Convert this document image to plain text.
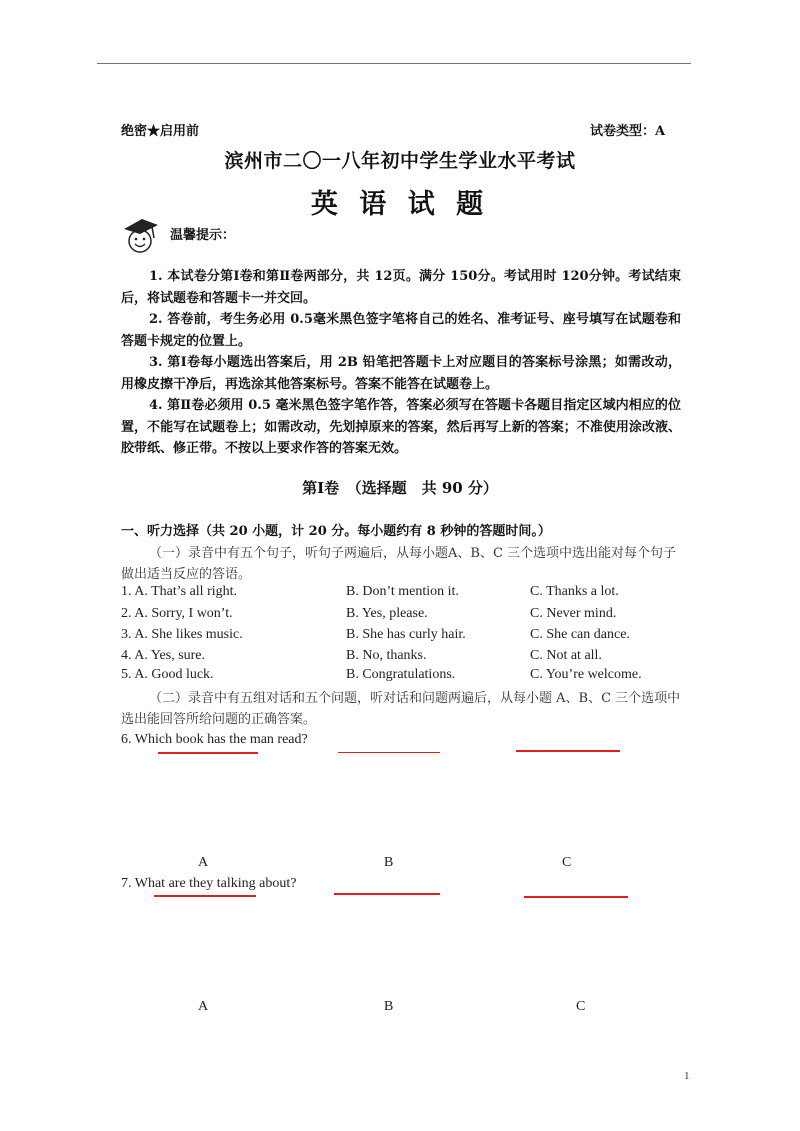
绝密★启用前	试卷类型：A
滨州市二〇一八年初中学生学业水平考试
英 语 试 题
温馨提示：

1. 本试卷分第Ⅰ卷和第Ⅱ卷两部分，共 12页。满分 150分。考试用时 120分钟。考试结束后，将试题卷和答题卡一并交回。

2. 答卷前，考生务必用 0.5毫米黑色签字笔将自己的姓名、准考证号、座号填写在试题卷和答题卡规定的位置上。

3. 第Ⅰ卷每小题选出答案后，用 2B 铅笔把答题卡上对应题目的答案标号涂黑；如需改动，用橡皮擦干净后，再选涂其他答案标号。答案不能答在试题卷上。

4. 第Ⅱ卷必须用 0.5 毫米黑色签字笔作答，答案必须写在答题卡各题目指定区域内相应的位置，不能写在试题卷上；如需改动，先划掉原来的答案，然后再写上新的答案；不准使用涂改液、胶带纸、修正带。不按以上要求作答的答案无效。

第Ⅰ卷　（选择题　共 90 分）
一、听力选择（共 20 小题，计 20 分。每小题约有 8 秒钟的答题时间。）
（一）录音中有五个句子，听句子两遍后，从每小题A、B、C 三个选项中选出能对每个句子做出适当反应的答语。
1. A. That’s all right.	B. Don’t mention it.	C. Thanks a lot.
2. A. Sorry, I won’t.	B. Yes, please.	C. Never mind.
3. A. She likes music.	B. She has curly hair.	C. She can dance.
4. A. Yes, sure.	B. No, thanks.	C. Not at all.
5. A. Good luck.	B. Congratulations.	C. You’re welcome.
（二）录音中有五组对话和五个问题，听对话和问题两遍后，从每小题 A、B、C 三个选项中选出能回答所给问题的正确答案。
6. Which book has the man read?
A	B	C
7. What are they talking about?
A	B	C
1
